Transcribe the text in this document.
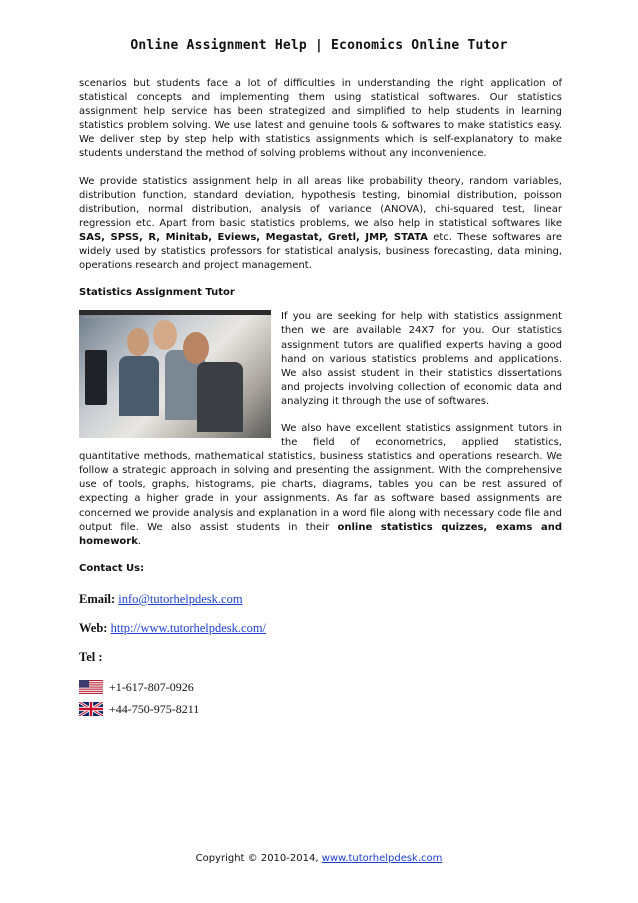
Online Assignment Help | Economics Online Tutor

scenarios but students face a lot of difficulties in understanding the right application of statistical concepts and implementing them using statistical softwares. Our statistics assignment help service has been strategized and simplified to help students in learning statistics problem solving. We use latest and genuine tools & softwares to make statistics easy. We deliver step by step help with statistics assignments which is self-explanatory to make students understand the method of solving problems without any inconvenience.

We provide statistics assignment help in all areas like probability theory, random variables, distribution function, standard deviation, hypothesis testing, binomial distribution, poisson distribution, normal distribution, analysis of variance (ANOVA), chi-squared test, linear regression etc. Apart from basic statistics problems, we also help in statistical softwares like SAS, SPSS, R, Minitab, Eviews, Megastat, Gretl, JMP, STATA etc. These softwares are widely used by statistics professors for statistical analysis, business forecasting, data mining, operations research and project management.

Statistics Assignment Tutor

http://tutorhelpdesk.com	If you are seeking for help with statistics assignment then we are available 24X7 for you. Our statistics assignment tutors are qualified experts having a good hand on various statistics problems and applications. We also assist student in their statistics dissertations and projects involving collection of economic data and analyzing it through the use of softwares.

We also have excellent statistics assignment tutors in the field of econometrics, applied statistics, quantitative methods, mathematical statistics, business statistics and operations research. We follow a strategic approach in solving and presenting the assignment. With the comprehensive use of tools, graphs, histograms, pie charts, diagrams, tables you can be rest assured of expecting a higher grade in your assignments. As far as software based assignments are concerned we provide analysis and explanation in a word file along with necessary code file and output file. We also assist students in their online statistics quizzes, exams and homework.

Contact Us:

Email: info@tutorhelpdesk.com
Web: http://www.tutorhelpdesk.com/
Tel :
+1-617-807-0926
+44-750-975-8211
Copyright © 2010-2014, www.tutorhelpdesk.com
